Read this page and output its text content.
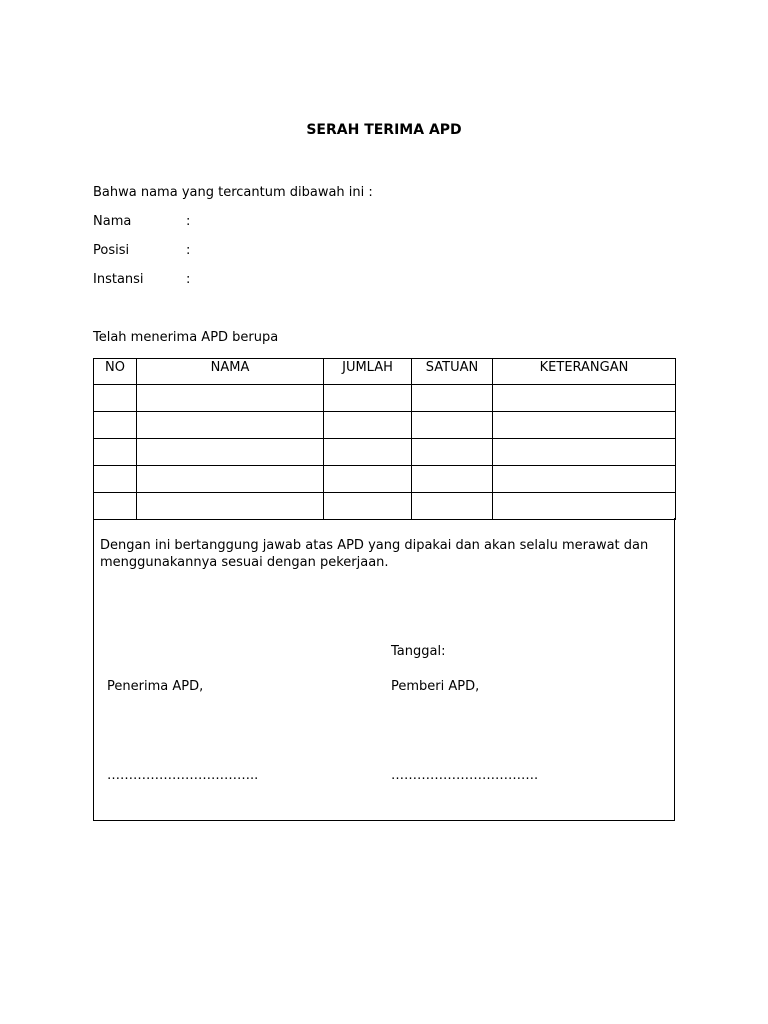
SERAH TERIMA APD
Bahwa nama yang tercantum dibawah ini :
Nama	:
Posisi	:
Instansi	:
Telah menerima APD berupa
NO	NAMA	JUMLAH	SATUAN	KETERANGAN

Dengan ini bertanggung jawab atas APD yang dipakai dan akan selalu merawat dan menggunakannya sesuai dengan pekerjaan.
Tanggal:
Penerima APD,	Pemberi APD,
……………………………..	…………………………….
